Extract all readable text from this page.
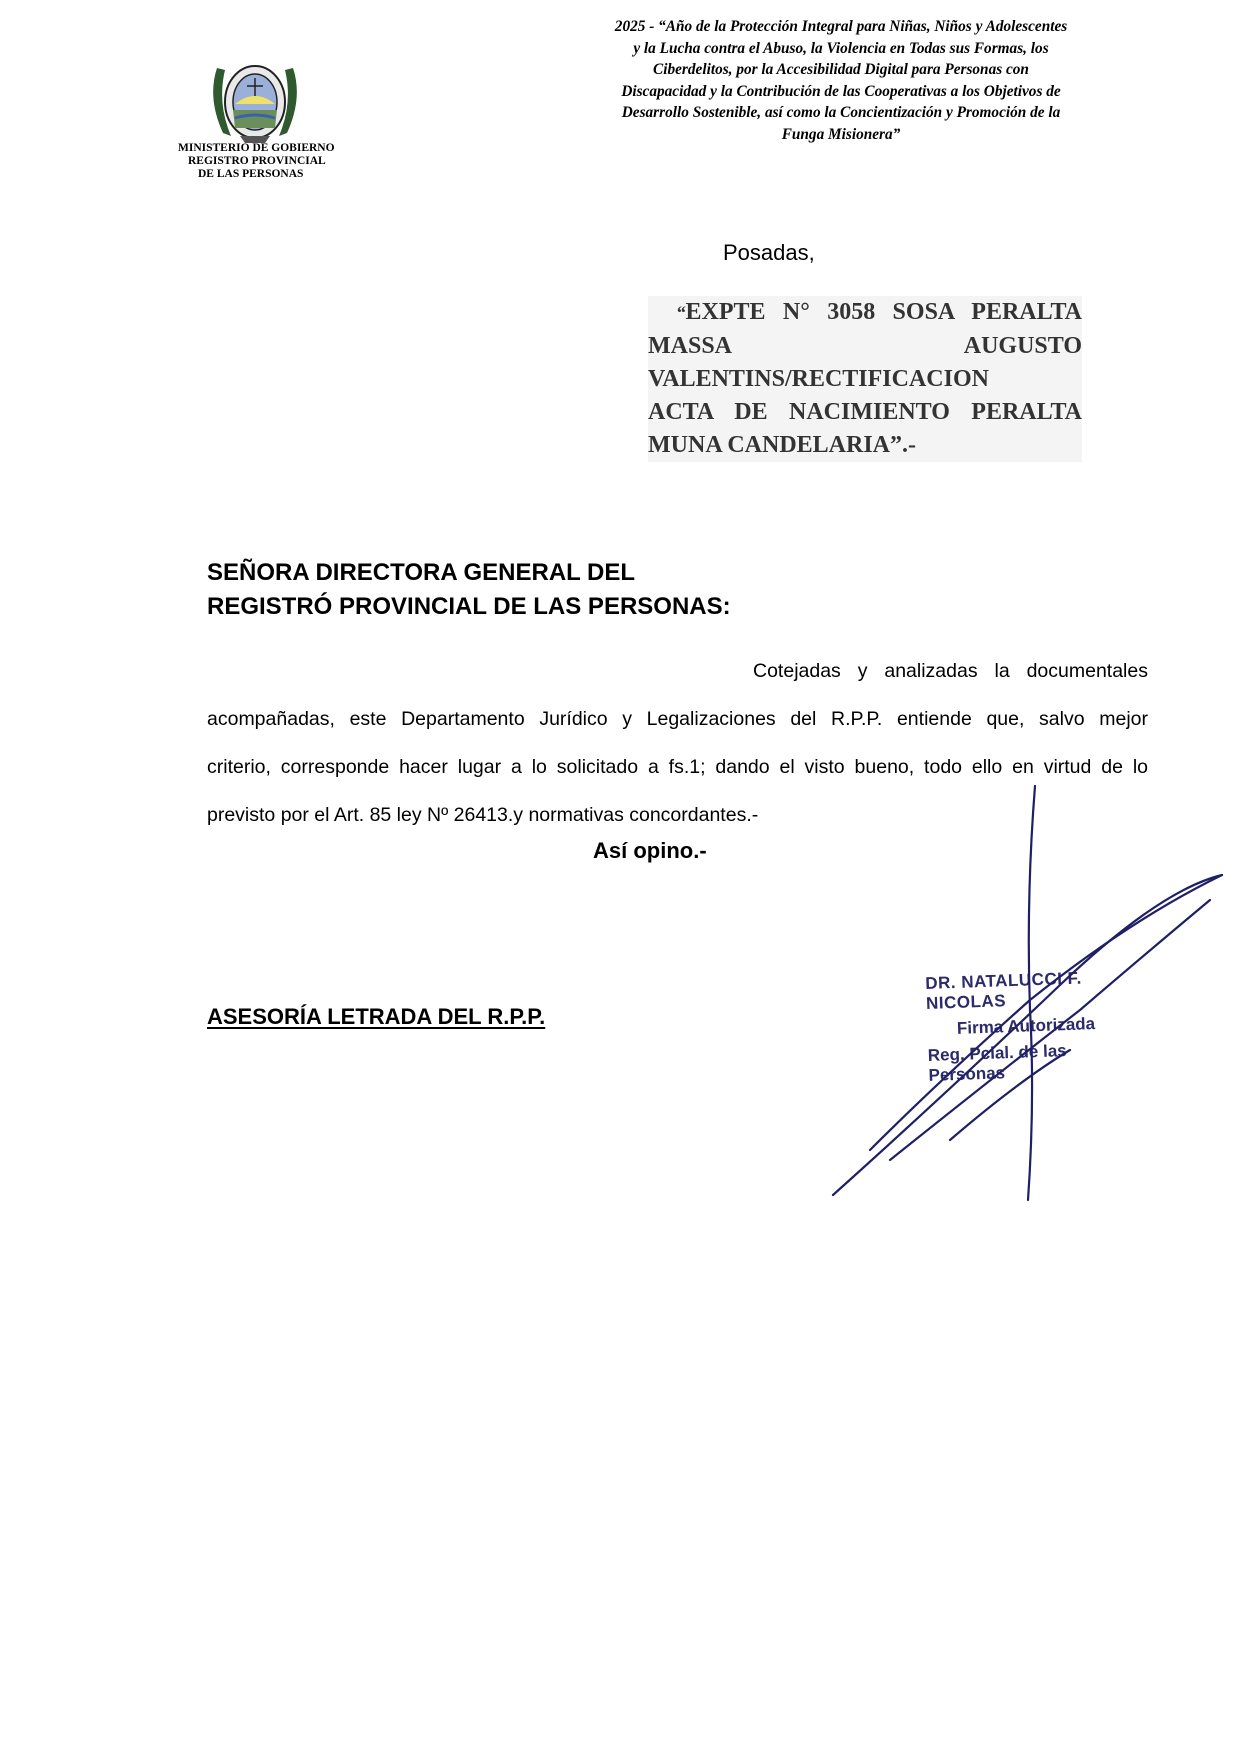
MINISTERIO DE GOBIERNO
REGISTRO PROVINCIAL
DE LAS PERSONAS
2025 - “Año de la Protección Integral para Niñas, Niños y Adolescentes
y la Lucha contra el Abuso, la Violencia en Todas sus Formas, los
Ciberdelitos, por la Accesibilidad Digital para Personas con
Discapacidad y la Contribución de las Cooperativas a los Objetivos de
Desarrollo Sostenible, así como la Concientización y Promoción de la
Funga Misionera”
Posadas,
“EXPTE N° 3058 SOSA PERALTA
MASSA AUGUSTO
VALENTINS/RECTIFICACION
ACTA DE NACIMIENTO PERALTA
MUNA CANDELARIA”.-
SEÑORA DIRECTORA GENERAL DEL
REGISTRÓ PROVINCIAL DE LAS PERSONAS:
Cotejadas y analizadas la documentales
acompañadas, este Departamento Jurídico y Legalizaciones del R.P.P. entiende que, salvo mejor
criterio, corresponde hacer lugar a lo solicitado a fs.1; dando el visto bueno, todo ello en virtud de lo
previsto por el Art. 85 ley Nº 26413.y normativas concordantes.-
Así opino.-
ASESORÍA LETRADA DEL R.P.P.
DR. NATALUCCI F. NICOLAS
Firma Autorizada
Reg. Pcial. de las Personas
